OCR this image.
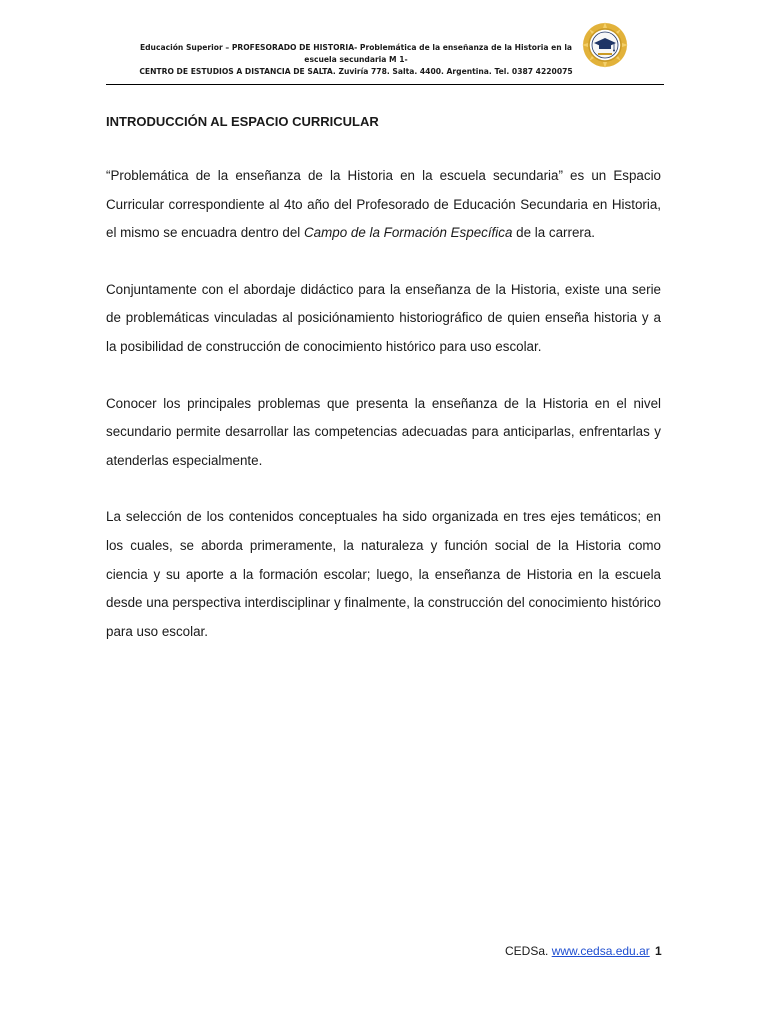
Educación Superior – PROFESORADO DE HISTORIA- Problemática de la enseñanza de la Historia en la
escuela secundaria M 1-
CENTRO DE ESTUDIOS A DISTANCIA DE SALTA. Zuviría 778. Salta. 4400. Argentina. Tel. 0387 4220075
INTRODUCCIÓN AL ESPACIO CURRICULAR

“Problemática de la enseñanza de la Historia en la escuela secundaria” es un Espacio Curricular correspondiente al 4to año del Profesorado de Educación Secundaria en Historia, el mismo se encuadra dentro del Campo de la Formación Específica de la carrera.

Conjuntamente con el abordaje didáctico para la enseñanza de la Historia, existe una serie de problemáticas vinculadas al posiciónamiento historiográfico de quien enseña historia y a la posibilidad de construcción de conocimiento histórico para uso escolar.

Conocer los principales problemas que presenta la enseñanza de la Historia en el nivel secundario permite desarrollar las competencias adecuadas para anticiparlas, enfrentarlas y atenderlas especialmente.

La selección de los contenidos conceptuales ha sido organizada en tres ejes temáticos; en los cuales, se aborda primeramente, la naturaleza y función social de la Historia como ciencia y su aporte a la formación escolar; luego, la enseñanza de Historia en la escuela desde una perspectiva interdisciplinar y finalmente, la construcción del conocimiento histórico para uso escolar.

CEDSa. www.cedsa.edu.ar 1
